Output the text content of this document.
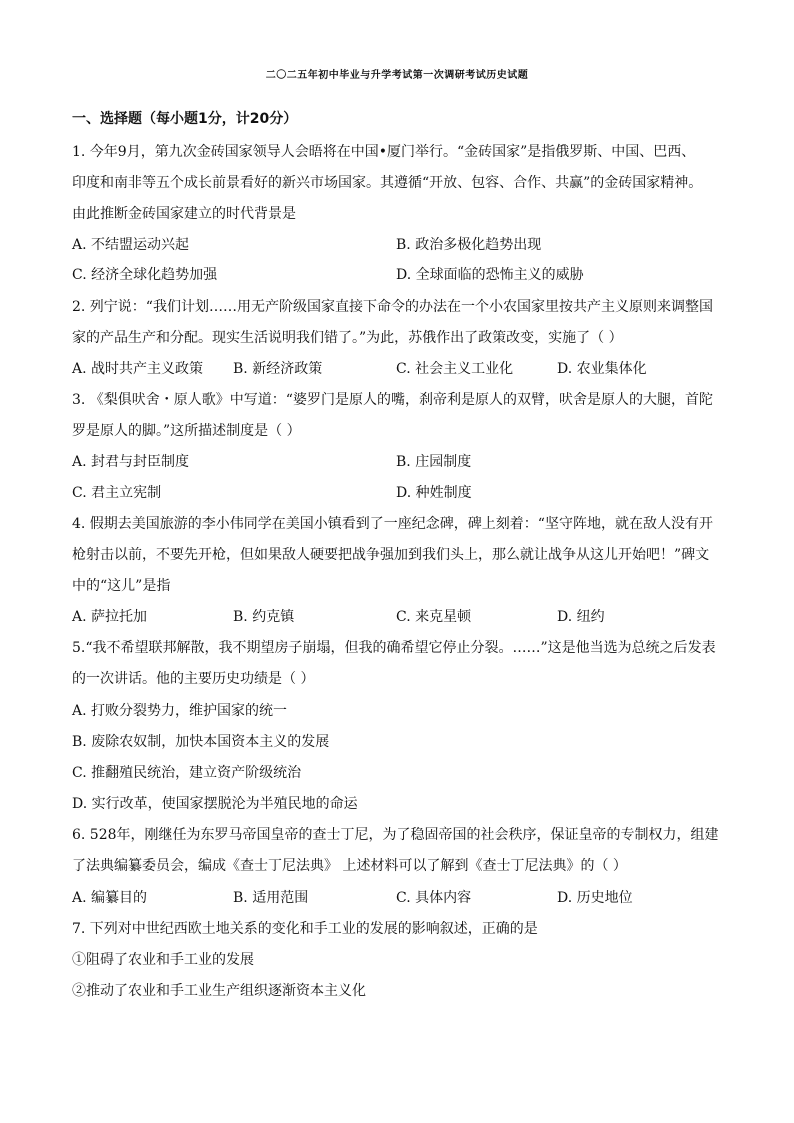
二〇二五年初中毕业与升学考试第一次调研考试历史试题
一、选择题（每小题1分，计20分）
1. 今年9月，第九次金砖国家领导人会晤将在中国•厦门举行。“金砖国家”是指俄罗斯、中国、巴西、
印度和南非等五个成长前景看好的新兴市场国家。其遵循“开放、包容、合作、共赢”的金砖国家精神。
由此推断金砖国家建立的时代背景是
A. 不结盟运动兴起	B. 政治多极化趋势出现
C. 经济全球化趋势加强	D. 全球面临的恐怖主义的威胁
2. 列宁说：“我们计划……用无产阶级国家直接下命令的办法在一个小农国家里按共产主义原则来调整国
家的产品生产和分配。现实生活说明我们错了。”为此，苏俄作出了政策改变，实施了（ ）
A. 战时共产主义政策 B. 新经济政策	C. 社会主义工业化	D. 农业集体化
3. 《梨俱吠舍・原人歌》中写道：“婆罗门是原人的嘴，刹帝利是原人的双臂，吠舍是原人的大腿，首陀
罗是原人的脚。”这所描述制度是（ ）
A. 封君与封臣制度	B. 庄园制度
C. 君主立宪制	D. 种姓制度
4. 假期去美国旅游的李小伟同学在美国小镇看到了一座纪念碑，碑上刻着：“坚守阵地，就在敌人没有开
枪射击以前，不要先开枪，但如果敌人硬要把战争强加到我们头上，那么就让战争从这儿开始吧！”碑文
中的“这儿”是指
A. 萨拉托加	B. 约克镇	C. 来克星顿	D. 纽约
5.“我不希望联邦解散，我不期望房子崩塌，但我的确希望它停止分裂。……”这是他当选为总统之后发表
的一次讲话。他的主要历史功绩是（ ）
A. 打败分裂势力，维护国家的统一
B. 废除农奴制，加快本国资本主义的发展
C. 推翻殖民统治，建立资产阶级统治
D. 实行改革，使国家摆脱沦为半殖民地的命运
6. 528年，刚继任为东罗马帝国皇帝的查士丁尼，为了稳固帝国的社会秩序，保证皇帝的专制权力，组建
了法典编纂委员会，编成《查士丁尼法典》 上述材料可以了解到《查士丁尼法典》的（ ）
A. 编纂目的	B. 适用范围	C. 具体内容	D. 历史地位
7. 下列对中世纪西欧土地关系的变化和手工业的发展的影响叙述，正确的是
①阻碍了农业和手工业的发展
②推动了农业和手工业生产组织逐渐资本主义化
